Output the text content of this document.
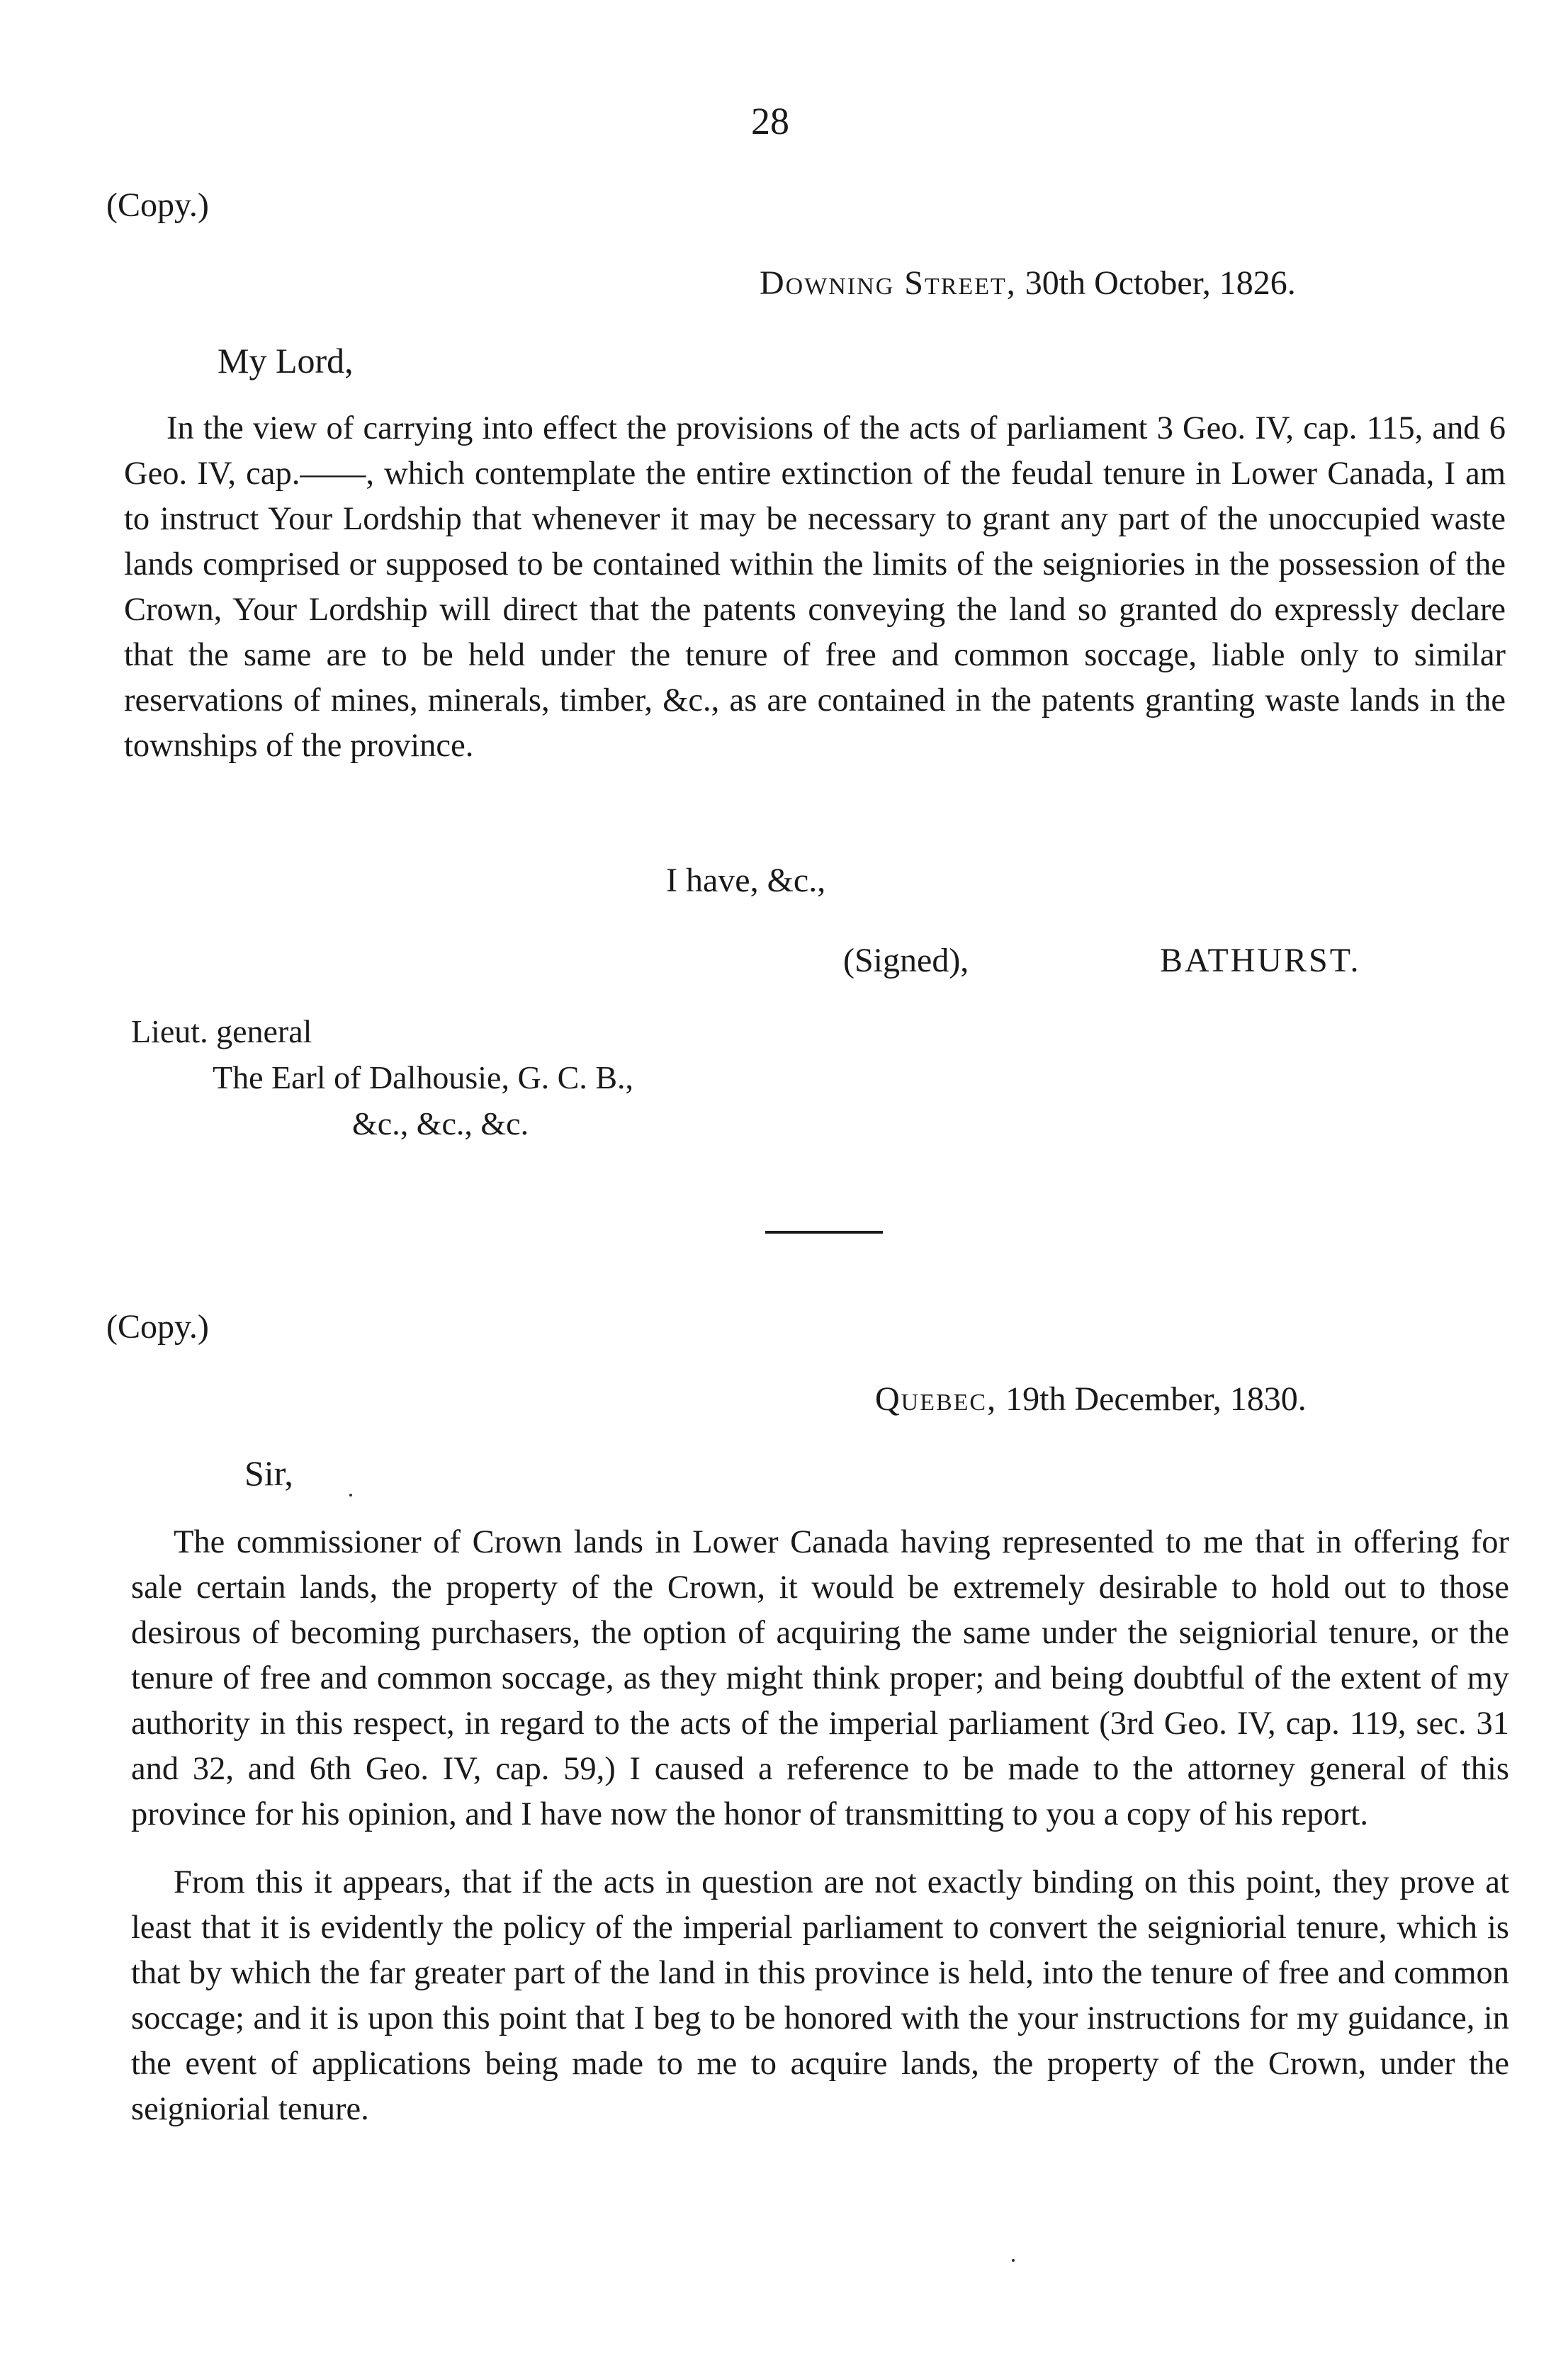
28
(Copy.)
Downing Street, 30th October, 1826.
My Lord,

In the view of carrying into effect the provisions of the acts of parliament 3 Geo. IV, cap. 115, and 6 Geo. IV, cap.——, which contemplate the entire extinction of the feudal tenure in Lower Canada, I am to instruct Your Lordship that whenever it may be necessary to grant any part of the unoccupied waste lands comprised or supposed to be contained within the limits of the seigniories in the possession of the Crown, Your Lordship will direct that the patents conveying the land so granted do expressly declare that the same are to be held under the tenure of free and common soccage, liable only to similar reservations of mines, minerals, timber, &c., as are contained in the patents granting waste lands in the townships of the province.

I have, &c.,
(Signed),	BATHURST.
Lieut. general
The Earl of Dalhousie, G. C. B.,
&c., &c., &c.
(Copy.)
Quebec, 19th December, 1830.
Sir,

The commissioner of Crown lands in Lower Canada having represented to me that in offering for sale certain lands, the property of the Crown, it would be extremely desirable to hold out to those desirous of becoming purchasers, the option of acquiring the same under the seigniorial tenure, or the tenure of free and common soccage, as they might think proper; and being doubtful of the extent of my authority in this respect, in regard to the acts of the imperial parliament (3rd Geo. IV, cap. 119, sec. 31 and 32, and 6th Geo. IV, cap. 59,) I caused a reference to be made to the attorney general of this province for his opinion, and I have now the honor of transmitting to you a copy of his report.

From this it appears, that if the acts in question are not exactly binding on this point, they prove at least that it is evidently the policy of the imperial parliament to convert the seigniorial tenure, which is that by which the far greater part of the land in this province is held, into the tenure of free and common soccage; and it is upon this point that I beg to be honored with the your instructions for my guidance, in the event of applications being made to me to acquire lands, the property of the Crown, under the seigniorial tenure.
